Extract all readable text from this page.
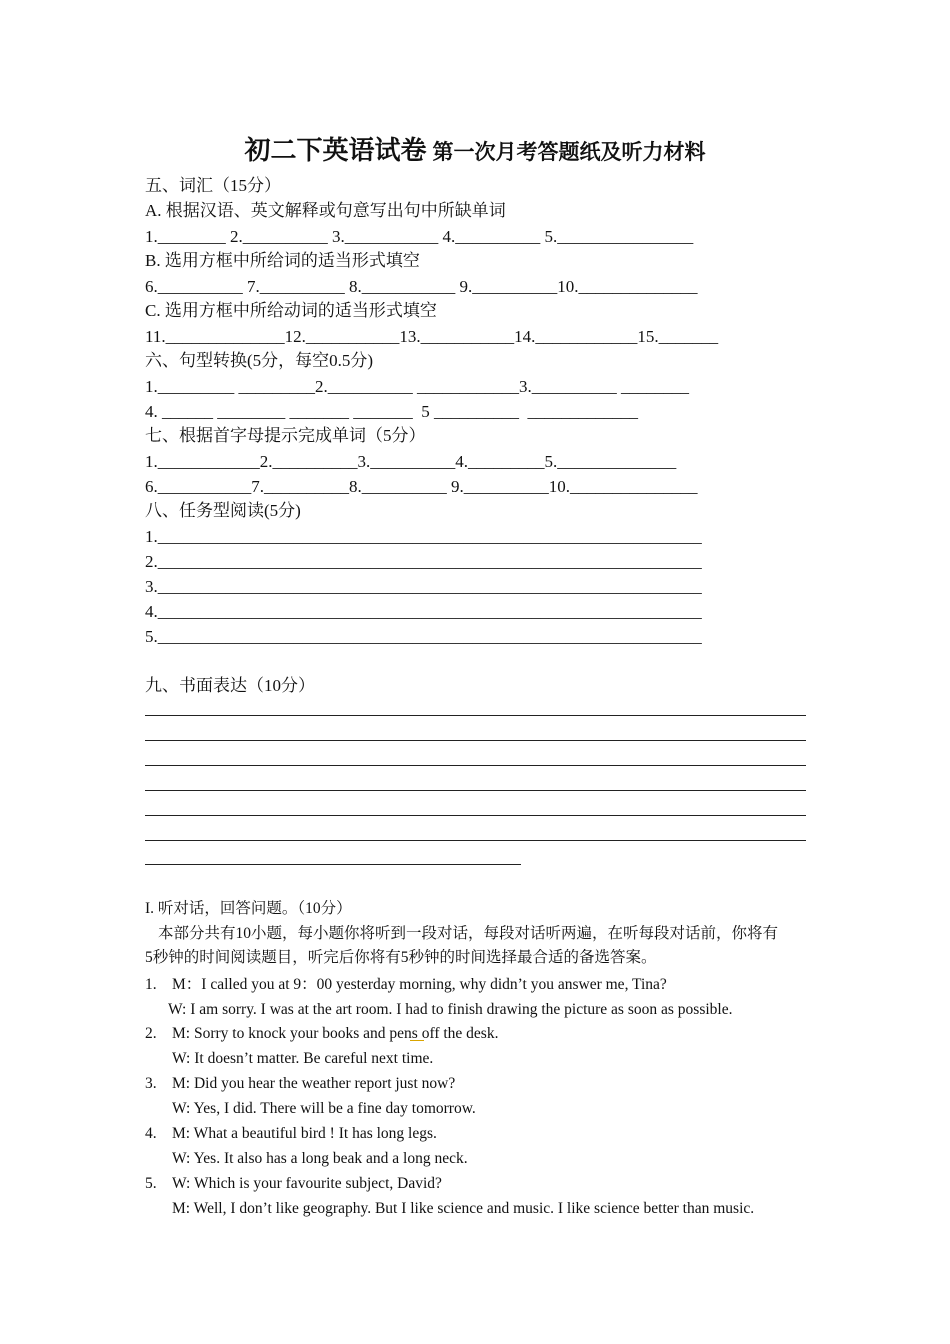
初二下英语试卷 第一次月考答题纸及听力材料
五、词汇（15分）
A. 根据汉语、英文解释或句意写出句中所缺单词
1.________ 2.__________ 3.___________ 4.__________ 5.________________
B. 选用方框中所给词的适当形式填空
6.__________ 7.__________ 8.___________ 9.__________10.______________
C. 选用方框中所给动词的适当形式填空
11.______________12.___________13.___________14.____________15._______
六、句型转换(5分，每空0.5分)
1._________ _________2.__________ ____________3.__________ ________
4. ______ ________ _______ _______  5 __________  _____________
七、根据首字母提示完成单词（5分）
1.____________2.__________3.__________4._________5.______________
6.___________7.__________8.__________ 9.__________10._______________
八、任务型阅读(5分)
1.________________________________________________________________
2.________________________________________________________________
3.________________________________________________________________
4.________________________________________________________________
5.________________________________________________________________
九、书面表达（10分）
I. 听对话，回答问题。（10分）
本部分共有10小题，每小题你将听到一段对话，每段对话听两遍，在听每段对话前，你将有
5秒钟的时间阅读题目，听完后你将有5秒钟的时间选择最合适的备选答案。
1. M：I called you at 9：00 yesterday morning, why didn’t you answer me, Tina?
W: I am sorry. I was at the art room. I had to finish drawing the picture as soon as possible.
2. M: Sorry to knock your books and pens off the desk.
W: It doesn’t matter. Be careful next time.
3. M: Did you hear the weather report just now?
W: Yes, I did. There will be a fine day tomorrow.
4. M: What a beautiful bird ! It has long legs.
W: Yes. It also has a long beak and a long neck.
5. W: Which is your favourite subject, David?
M: Well, I don’t like geography. But I like science and music. I like science better than music.
